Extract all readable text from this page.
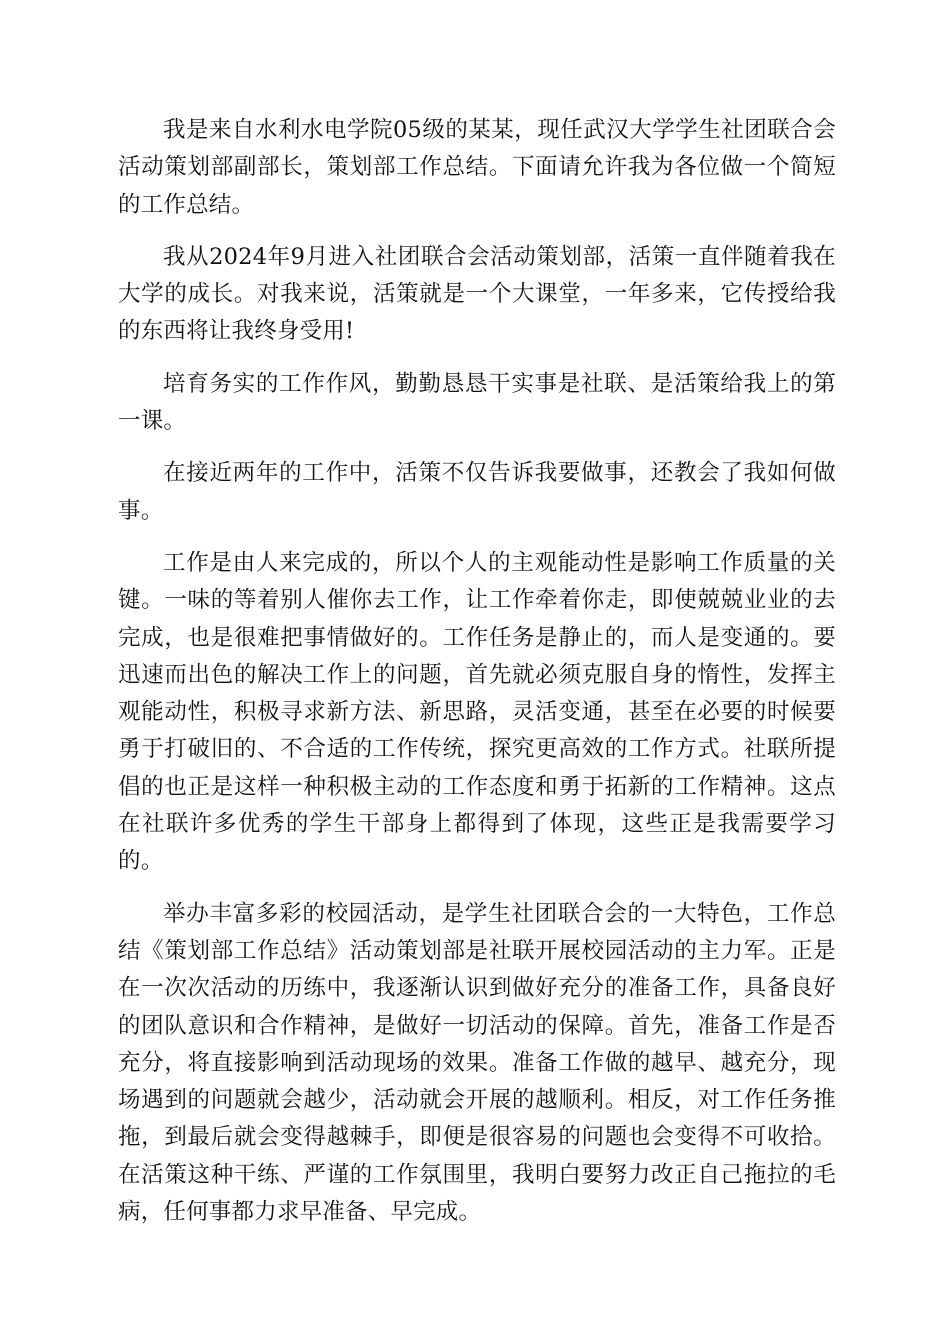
我是来自水利水电学院05级的某某，现任武汉大学学生社团联合会活动策划部副部长，策划部工作总结。下面请允许我为各位做一个简短的工作总结。

我从2024年9月进入社团联合会活动策划部，活策一直伴随着我在大学的成长。对我来说，活策就是一个大课堂，一年多来，它传授给我的东西将让我终身受用!

培育务实的工作作风，勤勤恳恳干实事是社联、是活策给我上的第一课。

在接近两年的工作中，活策不仅告诉我要做事，还教会了我如何做事。

工作是由人来完成的，所以个人的主观能动性是影响工作质量的关键。一味的等着别人催你去工作，让工作牵着你走，即使兢兢业业的去完成，也是很难把事情做好的。工作任务是静止的，而人是变通的。要迅速而出色的解决工作上的问题，首先就必须克服自身的惰性，发挥主观能动性，积极寻求新方法、新思路，灵活变通，甚至在必要的时候要勇于打破旧的、不合适的工作传统，探究更高效的工作方式。社联所提倡的也正是这样一种积极主动的工作态度和勇于拓新的工作精神。这点在社联许多优秀的学生干部身上都得到了体现，这些正是我需要学习的。

举办丰富多彩的校园活动，是学生社团联合会的一大特色，工作总结《策划部工作总结》活动策划部是社联开展校园活动的主力军。正是在一次次活动的历练中，我逐渐认识到做好充分的准备工作，具备良好的团队意识和合作精神，是做好一切活动的保障。首先，准备工作是否充分，将直接影响到活动现场的效果。准备工作做的越早、越充分，现场遇到的问题就会越少，活动就会开展的越顺利。相反，对工作任务推拖，到最后就会变得越棘手，即便是很容易的问题也会变得不可收拾。在活策这种干练、严谨的工作氛围里，我明白要努力改正自己拖拉的毛病，任何事都力求早准备、早完成。
